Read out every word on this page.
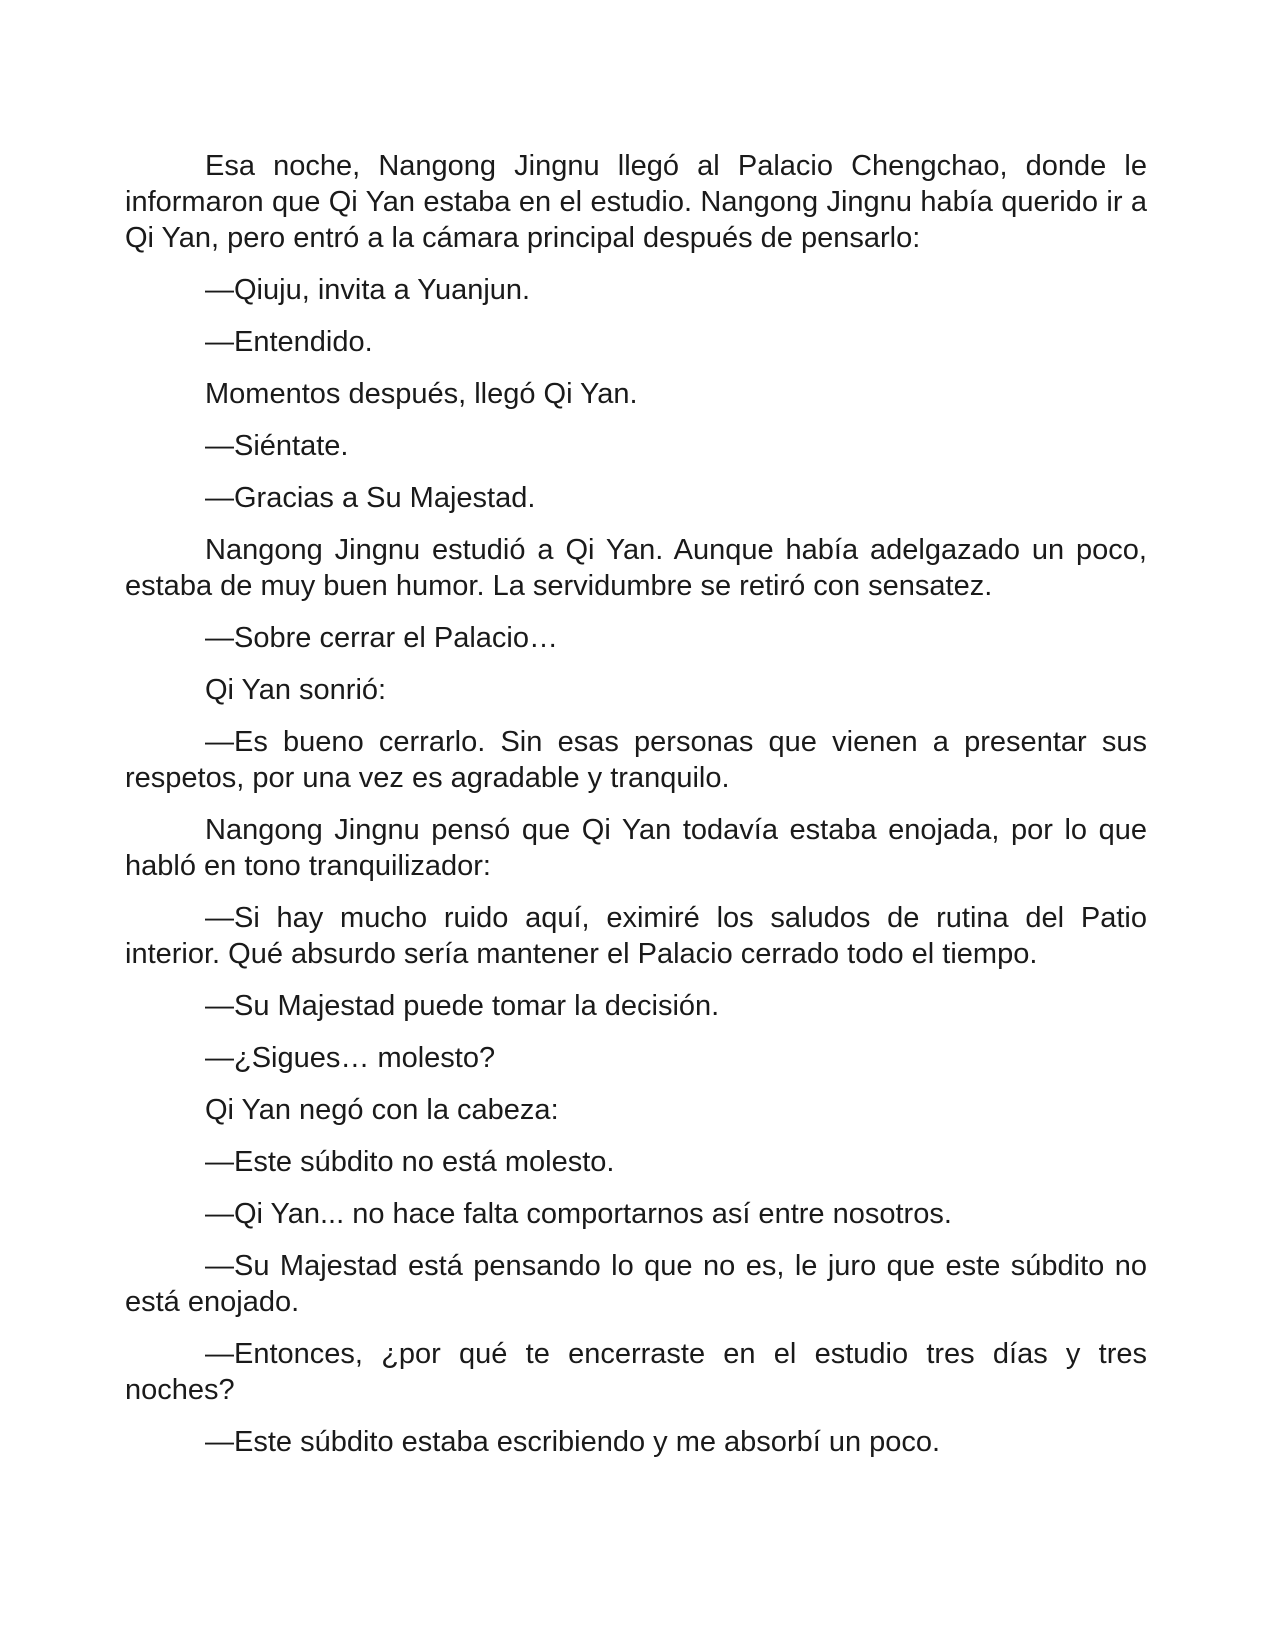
Esa noche, Nangong Jingnu llegó al Palacio Chengchao, donde le informaron que Qi Yan estaba en el estudio. Nangong Jingnu había querido ir a Qi Yan, pero entró a la cámara principal después de pensarlo:

—Qiuju, invita a Yuanjun.

—Entendido.

Momentos después, llegó Qi Yan.

—Siéntate.

—Gracias a Su Majestad.

Nangong Jingnu estudió a Qi Yan. Aunque había adelgazado un poco, estaba de muy buen humor. La servidumbre se retiró con sensatez.

—Sobre cerrar el Palacio…

Qi Yan sonrió:

—Es bueno cerrarlo. Sin esas personas que vienen a presentar sus respetos, por una vez es agradable y tranquilo.

Nangong Jingnu pensó que Qi Yan todavía estaba enojada, por lo que habló en tono tranquilizador:

—Si hay mucho ruido aquí, eximiré los saludos de rutina del Patio interior. Qué absurdo sería mantener el Palacio cerrado todo el tiempo.

—Su Majestad puede tomar la decisión.

—¿Sigues… molesto?

Qi Yan negó con la cabeza:

—Este súbdito no está molesto.

—Qi Yan... no hace falta comportarnos así entre nosotros.

—Su Majestad está pensando lo que no es, le juro que este súbdito no está enojado.

—Entonces, ¿por qué te encerraste en el estudio tres días y tres noches?

—Este súbdito estaba escribiendo y me absorbí un poco.
